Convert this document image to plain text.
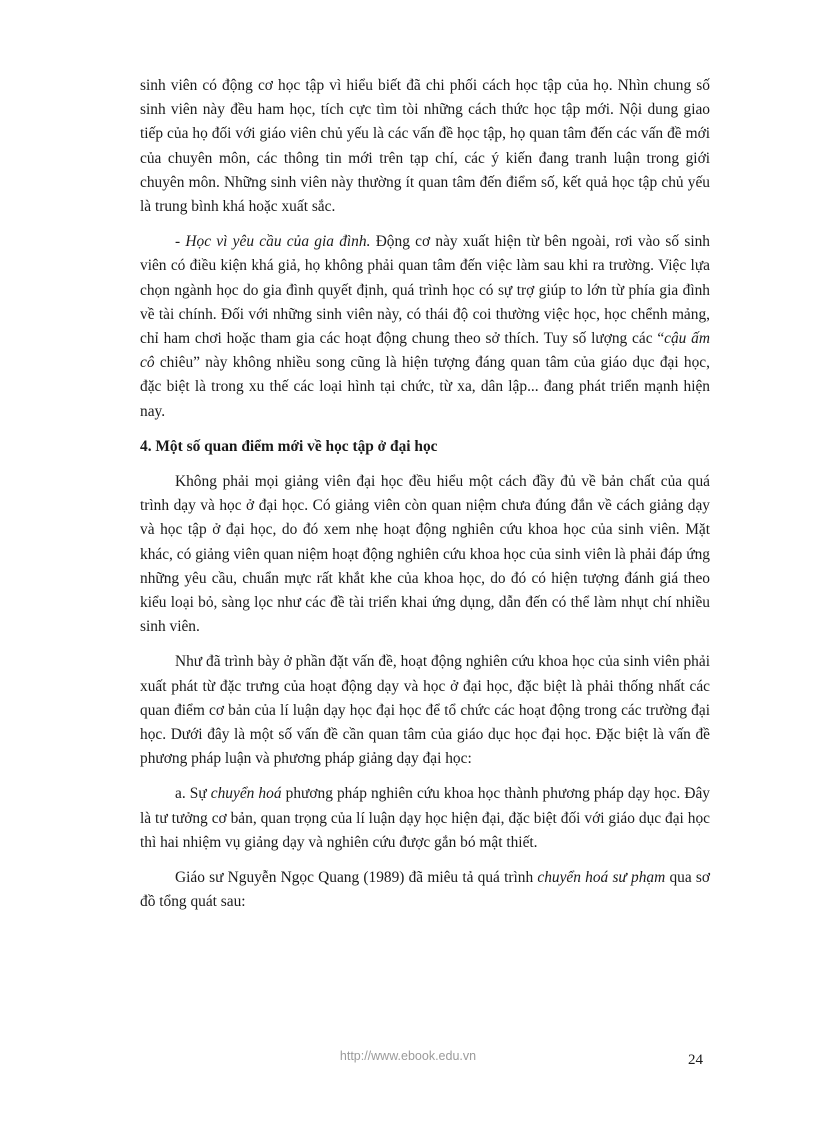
sinh viên có động cơ học tập vì hiểu biết đã chi phối cách học tập của họ. Nhìn chung số sinh viên này đều ham học, tích cực tìm tòi những cách thức học tập mới. Nội dung giao tiếp của họ đối với giáo viên chủ yếu là các vấn đề học tập, họ quan tâm đến các vấn đề mới của chuyên môn, các thông tin mới trên tạp chí, các ý kiến đang tranh luận trong giới chuyên môn. Những sinh viên này thường ít quan tâm đến điểm số, kết quả học tập chủ yếu là trung bình khá hoặc xuất sắc.

- Học vì yêu cầu của gia đình. Động cơ này xuất hiện từ bên ngoài, rơi vào số sinh viên có điều kiện khá giả, họ không phải quan tâm đến việc làm sau khi ra trường. Việc lựa chọn ngành học do gia đình quyết định, quá trình học có sự trợ giúp to lớn từ phía gia đình về tài chính. Đối với những sinh viên này, có thái độ coi thường việc học, học chểnh mảng, chỉ ham chơi hoặc tham gia các hoạt động chung theo sở thích. Tuy số lượng các “cậu ấm cô chiêu” này không nhiều song cũng là hiện tượng đáng quan tâm của giáo dục đại học, đặc biệt là trong xu thế các loại hình tại chức, từ xa, dân lập... đang phát triển mạnh hiện nay.

4. Một số quan điểm mới về học tập ở đại học

Không phải mọi giảng viên đại học đều hiểu một cách đầy đủ về bản chất của quá trình dạy và học ở đại học. Có giảng viên còn quan niệm chưa đúng đắn về cách giảng dạy và học tập ở đại học, do đó xem nhẹ hoạt động nghiên cứu khoa học của sinh viên. Mặt khác, có giảng viên quan niệm hoạt động nghiên cứu khoa học của sinh viên là phải đáp ứng những yêu cầu, chuẩn mực rất khắt khe của khoa học, do đó có hiện tượng đánh giá theo kiểu loại bỏ, sàng lọc như các đề tài triển khai ứng dụng, dẫn đến có thể làm nhụt chí nhiều sinh viên.

Như đã trình bày ở phần đặt vấn đề, hoạt động nghiên cứu khoa học của sinh viên phải xuất phát từ đặc trưng của hoạt động dạy và học ở đại học, đặc biệt là phải thống nhất các quan điểm cơ bản của lí luận dạy học đại học để tổ chức các hoạt động trong các trường đại học. Dưới đây là một số vấn đề cần quan tâm của giáo dục học đại học. Đặc biệt là vấn đề phương pháp luận và phương pháp giảng dạy đại học:

a. Sự chuyển hoá phương pháp nghiên cứu khoa học thành phương pháp dạy học. Đây là tư tưởng cơ bản, quan trọng của lí luận dạy học hiện đại, đặc biệt đối với giáo dục đại học thì hai nhiệm vụ giảng dạy và nghiên cứu được gắn bó mật thiết.

Giáo sư Nguyễn Ngọc Quang (1989) đã miêu tả quá trình chuyển hoá sư phạm qua sơ đồ tổng quát sau:

http://www.ebook.edu.vn	24
